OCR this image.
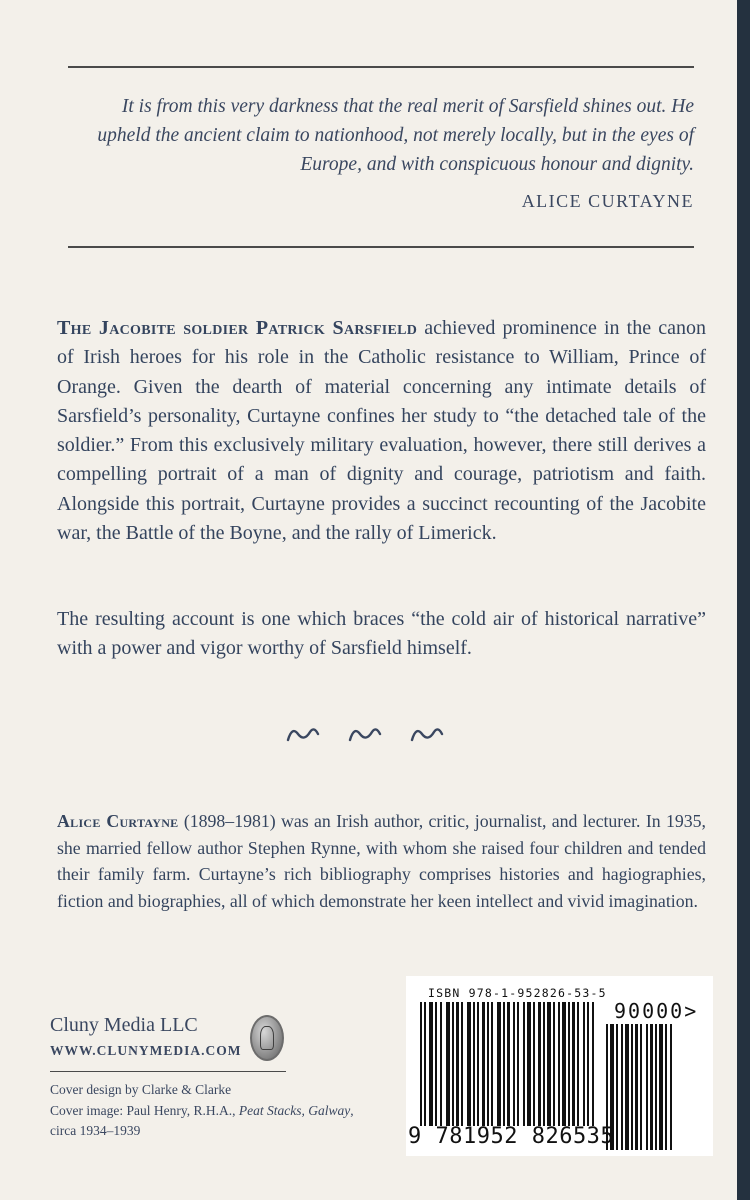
It is from this very darkness that the real merit of Sarsfield shines out. He upheld the ancient claim to nationhood, not merely locally, but in the eyes of Europe, and with conspicuous honour and dignity.

ALICE CURTAYNE

The Jacobite soldier Patrick Sarsfield achieved prominence in the canon of Irish heroes for his role in the Catholic resistance to William, Prince of Orange. Given the dearth of material concerning any intimate details of Sarsfield’s personality, Curtayne confines her study to “the detached tale of the soldier.” From this exclusively military evaluation, however, there still derives a compelling portrait of a man of dignity and courage, patriotism and faith. Alongside this portrait, Curtayne provides a succinct recounting of the Jacobite war, the Battle of the Boyne, and the rally of Limerick.

The resulting account is one which braces “the cold air of historical narrative” with a power and vigor worthy of Sarsfield himself.

Alice Curtayne (1898–1981) was an Irish author, critic, journalist, and lecturer. In 1935, she married fellow author Stephen Rynne, with whom she raised four children and tended their family farm. Curtayne’s rich bibliography comprises histories and hagiographies, fiction and biographies, all of which demonstrate her keen intellect and vivid imagination.

Cluny Media LLC
WWW.CLUNYMEDIA.COM
Cover design by Clarke & Clarke
Cover image: Paul Henry, R.H.A., Peat Stacks, Galway,
circa 1934–1939
ISBN 978-1-952826-53-5
9 781952 826535
90000>
